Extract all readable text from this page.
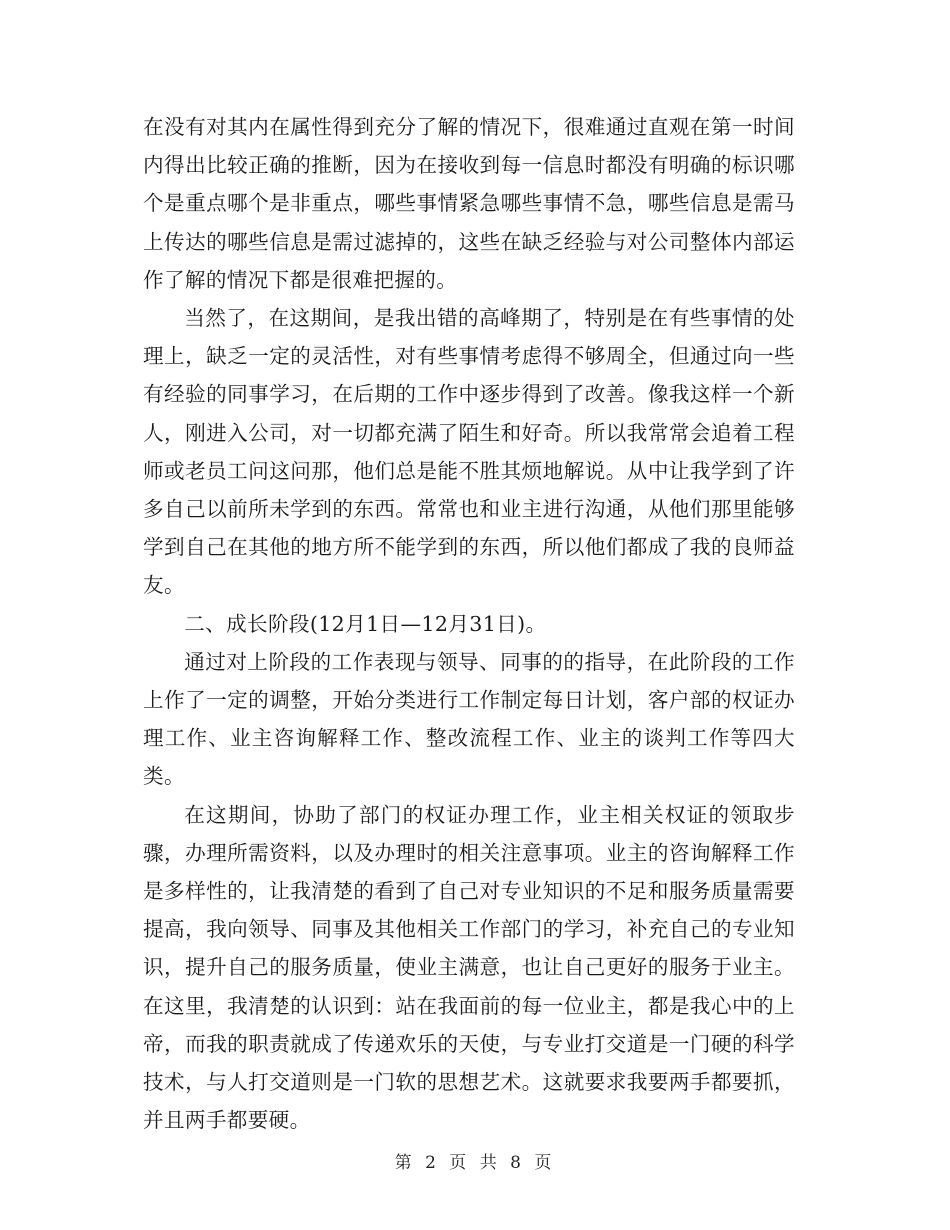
在没有对其内在属性得到充分了解的情况下，很难通过直观在第一时间内得出比较正确的推断，因为在接收到每一信息时都没有明确的标识哪个是重点哪个是非重点，哪些事情紧急哪些事情不急，哪些信息是需马上传达的哪些信息是需过滤掉的，这些在缺乏经验与对公司整体内部运作了解的情况下都是很难把握的。

当然了，在这期间，是我出错的高峰期了，特别是在有些事情的处理上，缺乏一定的灵活性，对有些事情考虑得不够周全，但通过向一些有经验的同事学习，在后期的工作中逐步得到了改善。像我这样一个新人，刚进入公司，对一切都充满了陌生和好奇。所以我常常会追着工程师或老员工问这问那，他们总是能不胜其烦地解说。从中让我学到了许多自己以前所未学到的东西。常常也和业主进行沟通，从他们那里能够学到自己在其他的地方所不能学到的东西，所以他们都成了我的良师益友。

二、成长阶段(12月1日—12月31日)。

通过对上阶段的工作表现与领导、同事的的指导，在此阶段的工作上作了一定的调整，开始分类进行工作制定每日计划，客户部的权证办理工作、业主咨询解释工作、整改流程工作、业主的谈判工作等四大类。

在这期间，协助了部门的权证办理工作，业主相关权证的领取步骤，办理所需资料，以及办理时的相关注意事项。业主的咨询解释工作是多样性的，让我清楚的看到了自己对专业知识的不足和服务质量需要提高，我向领导、同事及其他相关工作部门的学习，补充自己的专业知识，提升自己的服务质量，使业主满意，也让自己更好的服务于业主。在这里，我清楚的认识到：站在我面前的每一位业主，都是我心中的上帝，而我的职责就成了传递欢乐的天使，与专业打交道是一门硬的科学技术，与人打交道则是一门软的思想艺术。这就要求我要两手都要抓，并且两手都要硬。

第 2 页 共 8 页
